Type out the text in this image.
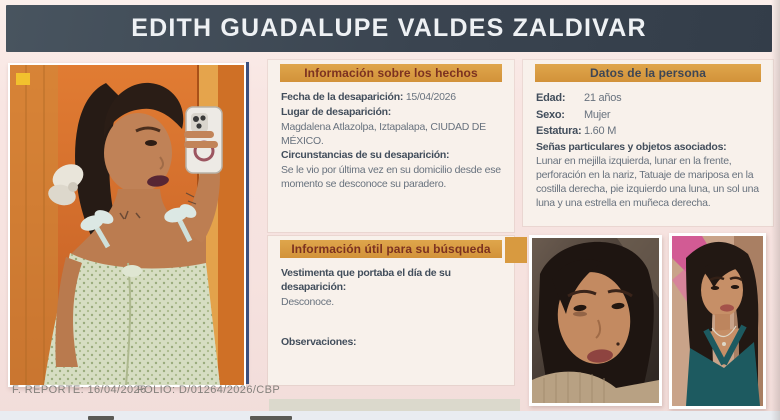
EDITH GUADALUPE VALDES ZALDIVAR
Información sobre los hechos

Fecha de la desaparición: 15/04/2026

Lugar de desaparición:

Magdalena Atlazolpa, Iztapalapa, CIUDAD DE MÉXICO.

Circunstancias de su desaparición:

Se le vio por última vez en su domicilio desde ese momento se desconoce su paradero.

Datos de la persona
Edad:	21 años
Sexo:	Mujer
Estatura: 1.60 M

Señas particulares y objetos asociados:

Lunar en mejilla izquierda, lunar en la frente, perforación en la nariz, Tatuaje de mariposa en la costilla derecha, pie izquierdo una luna, un sol una luna y una estrella en muñeca derecha.

Información útil para su búsqueda

Vestimenta que portaba el día de su desaparición:

Desconoce.

Observaciones:

F. REPORTE: 16/04/2026
FOLIO: D/01264/2026/CBP
